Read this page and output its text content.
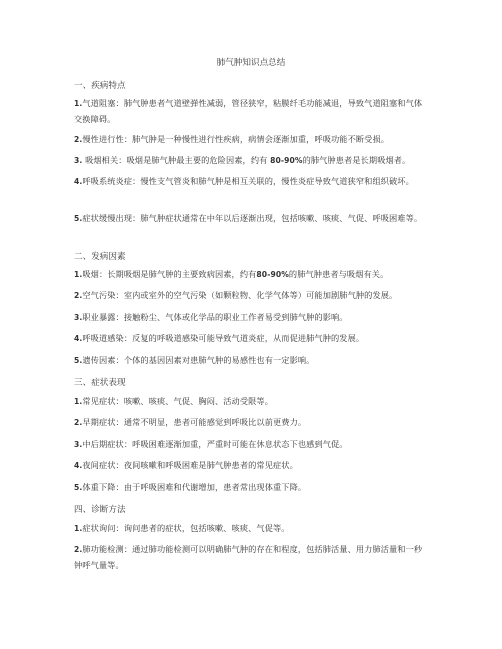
肺气肿知识点总结
一、疾病特点
1.气道阻塞：肺气肿患者气道壁弹性减弱，管径狭窄，粘膜纤毛功能减退，导致气道阻塞和气体交换障碍。
2.慢性进行性：肺气肿是一种慢性进行性疾病，病情会逐渐加重，呼吸功能不断受损。
3. 吸烟相关：吸烟是肺气肿最主要的危险因素，约有 80-90%的肺气肿患者是长期吸烟者。
4.呼吸系统炎症：慢性支气管炎和肺气肿是相互关联的，慢性炎症导致气道狭窄和组织破坏。
5.症状缓慢出现：肺气肿症状通常在中年以后逐渐出现，包括咳嗽、咳痰、气促、呼吸困难等。
二、发病因素
1.吸烟：长期吸烟是肺气肿的主要致病因素，约有80-90%的肺气肿患者与吸烟有关。
2.空气污染：室内或室外的空气污染（如颗粒物、化学气体等）可能加剧肺气肿的发展。
3.职业暴露：接触粉尘、气体或化学品的职业工作者易受到肺气肿的影响。
4.呼吸道感染：反复的呼吸道感染可能导致气道炎症，从而促进肺气肿的发展。
5.遗传因素：个体的基因因素对患肺气肿的易感性也有一定影响。
三、症状表现
1.常见症状：咳嗽、咳痰、气促、胸闷、活动受限等。
2.早期症状：通常不明显，患者可能感觉到呼吸比以前更费力。
3.中后期症状：呼吸困难逐渐加重，严重时可能在休息状态下也感到气促。
4.夜间症状：夜间咳嗽和呼吸困难是肺气肿患者的常见症状。
5.体重下降：由于呼吸困难和代谢增加，患者常出现体重下降。
四、诊断方法
1.症状询问：询问患者的症状，包括咳嗽、咳痰、气促等。
2.肺功能检测：通过肺功能检测可以明确肺气肿的存在和程度，包括肺活量、用力肺活量和一秒钟呼气量等。
